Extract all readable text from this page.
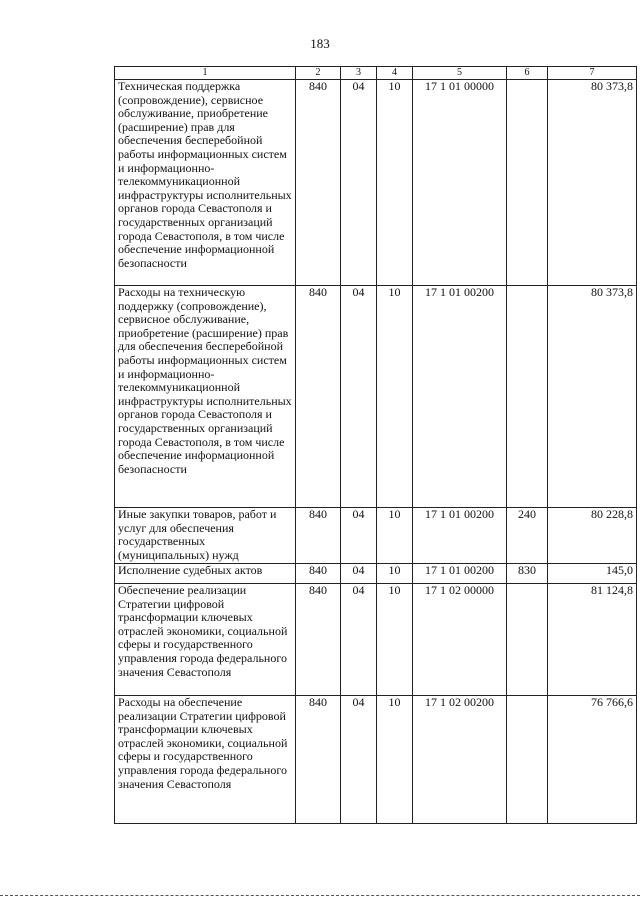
183
1	2	3	4	5	6	7
Техническая поддержка (сопровождение), сервисное обслуживание, приобретение (расширение) прав для обеспечения бесперебойной работы информационных систем и информационно-телекоммуникационной инфраструктуры исполнительных органов города Севастополя и государственных организаций города Севастополя, в том числе обеспечение информационной безопасности	840	04	10	17 1 01 00000		80 373,8
Расходы на техническую поддержку (сопровождение), сервисное обслуживание, приобретение (расширение) прав для обеспечения бесперебойной работы информационных систем и информационно-телекоммуникационной инфраструктуры исполнительных органов города Севастополя и государственных организаций города Севастополя, в том числе обеспечение информационной безопасности	840	04	10	17 1 01 00200		80 373,8
Иные закупки товаров, работ и услуг для обеспечения государственных (муниципальных) нужд	840	04	10	17 1 01 00200	240	80 228,8
Исполнение судебных актов	840	04	10	17 1 01 00200	830	145,0
Обеспечение реализации Стратегии цифровой трансформации ключевых отраслей экономики, социальной сферы и государственного управления города федерального значения Севастополя	840	04	10	17 1 02 00000		81 124,8
Расходы на обеспечение реализации Стратегии цифровой трансформации ключевых отраслей экономики, социальной сферы и государственного управления города федерального значения Севастополя	840	04	10	17 1 02 00200		76 766,6
